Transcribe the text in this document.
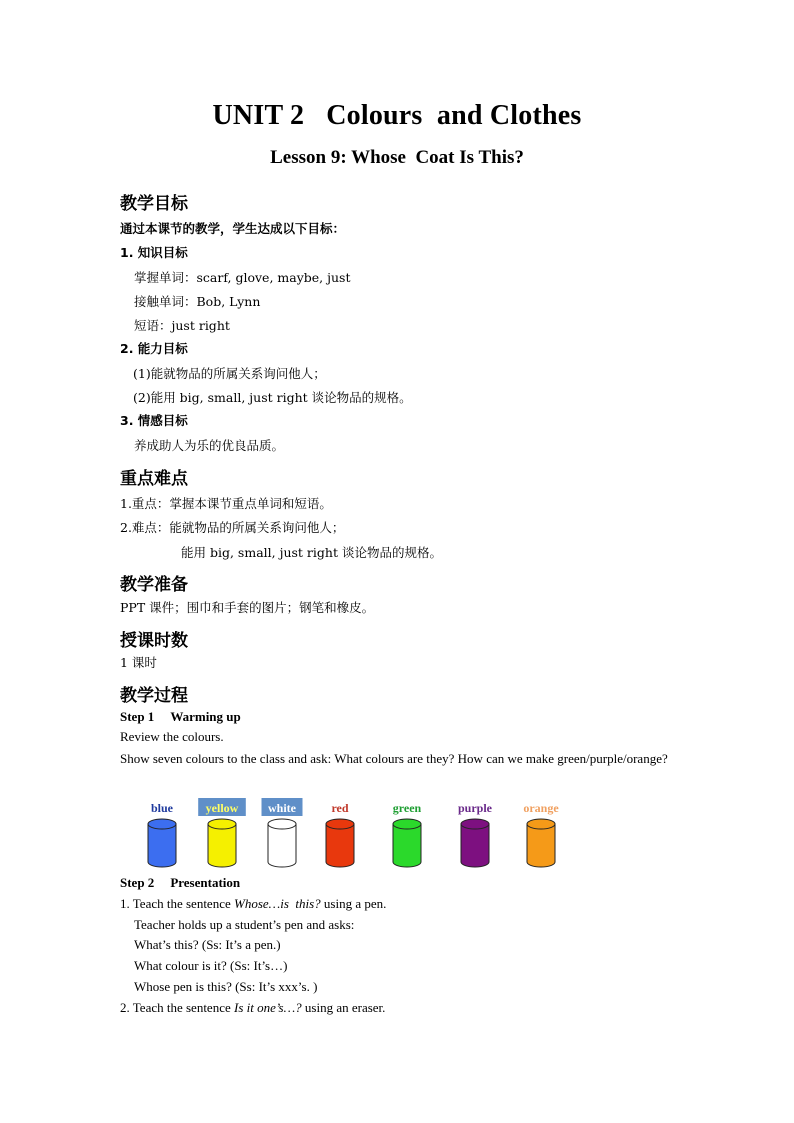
UNIT 2 Colours  and Clothes
Lesson 9: Whose  Coat Is This?
教学目标
通过本课节的教学，学生达成以下目标：
1. 知识目标
掌握单词：scarf, glove, maybe, just
接触单词：Bob, Lynn
短语：just right
2. 能力目标
(1)能就物品的所属关系询问他人；
(2)能用 big, small, just right 谈论物品的规格。
3. 情感目标
养成助人为乐的优良品质。
重点难点
1.重点：掌握本课节重点单词和短语。
2.难点：能就物品的所属关系询问他人；
能用 big, small, just right 谈论物品的规格。
教学准备
PPT 课件；围巾和手套的图片；钢笔和橡皮。
授课时数
1 课时
教学过程
Step 1 Warming up
Review the colours.
Show seven colours to the class and ask: What colours are they? How can we make green/purple/orange?
blue	yellow white	red	green	purple	orange
Step 2 Presentation
1. Teach the sentence Whose…is  this? using a pen.
Teacher holds up a student’s pen and asks:
What’s this? (Ss: It’s a pen.)
What colour is it? (Ss: It’s…)
Whose pen is this? (Ss: It’s xxx’s. )
2. Teach the sentence Is it one’s…? using an eraser.
